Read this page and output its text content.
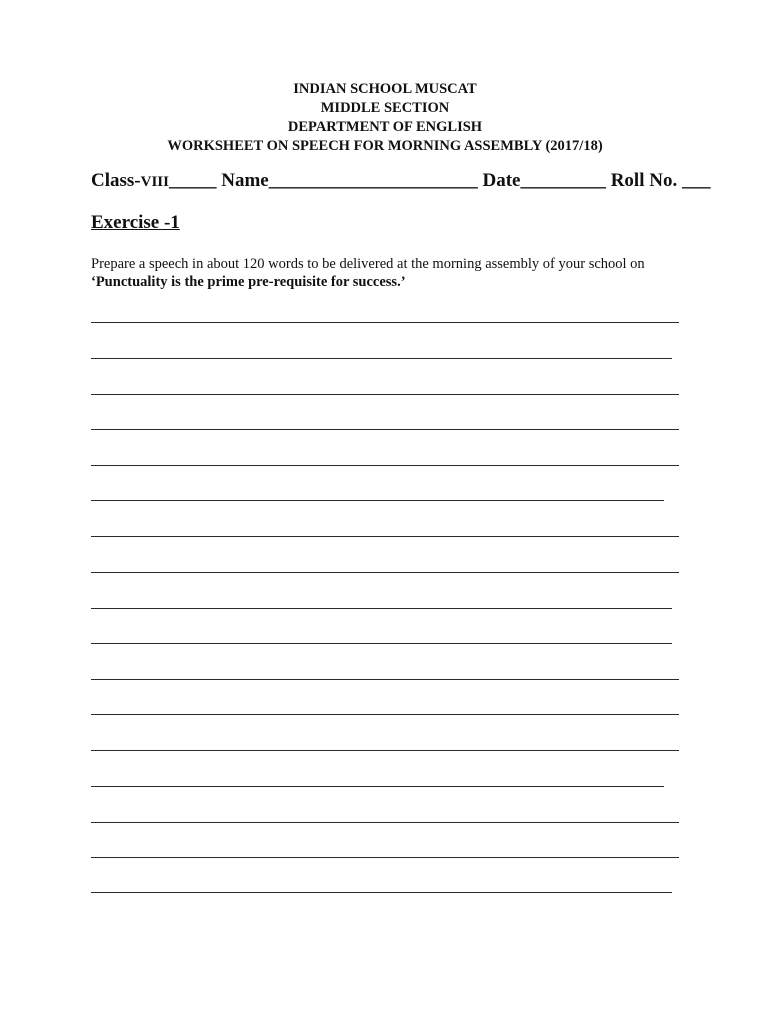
INDIAN SCHOOL MUSCAT
MIDDLE SECTION
DEPARTMENT OF ENGLISH
WORKSHEET ON SPEECH FOR MORNING ASSEMBLY (2017/18)
Class-VIII_____ Name______________________ Date_________ Roll No. ___
Exercise -1
Prepare a speech in about 120 words to be delivered at the morning assembly of your school on
‘Punctuality is the prime pre-requisite for success.’
